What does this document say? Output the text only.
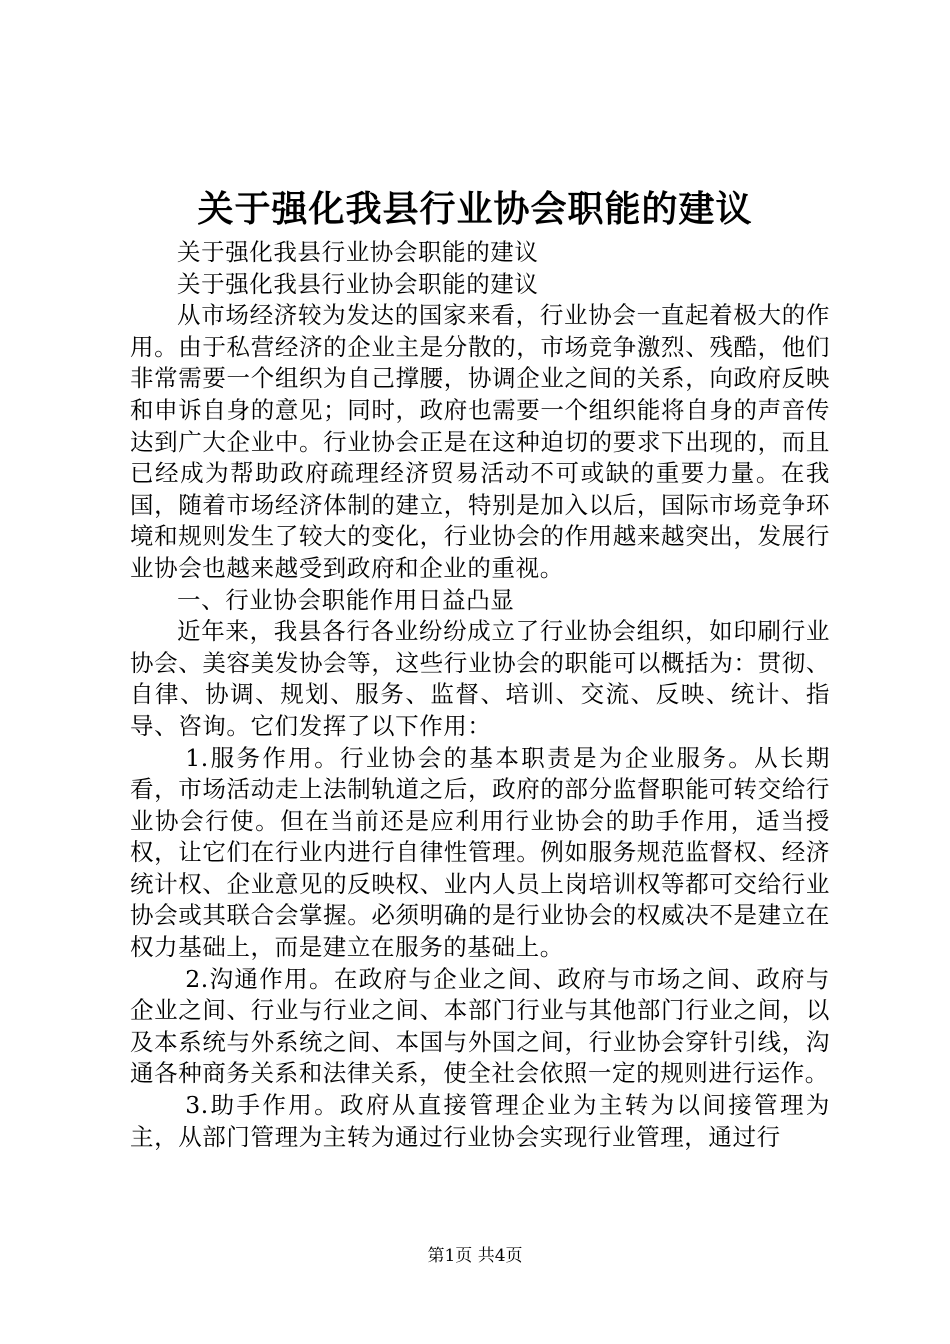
关于强化我县行业协会职能的建议

关于强化我县行业协会职能的建议

关于强化我县行业协会职能的建议

从市场经济较为发达的国家来看，行业协会一直起着极大的作用。由于私营经济的企业主是分散的，市场竞争激烈、残酷，他们非常需要一个组织为自己撑腰，协调企业之间的关系，向政府反映和申诉自身的意见；同时，政府也需要一个组织能将自身的声音传达到广大企业中。行业协会正是在这种迫切的要求下出现的，而且已经成为帮助政府疏理经济贸易活动不可或缺的重要力量。在我国，随着市场经济体制的建立，特别是加入以后，国际市场竞争环境和规则发生了较大的变化，行业协会的作用越来越突出，发展行业协会也越来越受到政府和企业的重视。

一、行业协会职能作用日益凸显

近年来，我县各行各业纷纷成立了行业协会组织，如印刷行业协会、美容美发协会等，这些行业协会的职能可以概括为：贯彻、自律、协调、规划、服务、监督、培训、交流、反映、统计、指导、咨询。它们发挥了以下作用：

1.服务作用。行业协会的基本职责是为企业服务。从长期看，市场活动走上法制轨道之后，政府的部分监督职能可转交给行业协会行使。但在当前还是应利用行业协会的助手作用，适当授权，让它们在行业内进行自律性管理。例如服务规范监督权、经济统计权、企业意见的反映权、业内人员上岗培训权等都可交给行业协会或其联合会掌握。必须明确的是行业协会的权威决不是建立在权力基础上，而是建立在服务的基础上。

2.沟通作用。在政府与企业之间、政府与市场之间、政府与企业之间、行业与行业之间、本部门行业与其他部门行业之间，以及本系统与外系统之间、本国与外国之间，行业协会穿针引线，沟通各种商务关系和法律关系，使全社会依照一定的规则进行运作。

3.助手作用。政府从直接管理企业为主转为以间接管理为主，从部门管理为主转为通过行业协会实现行业管理，通过行

第1页 共4页
